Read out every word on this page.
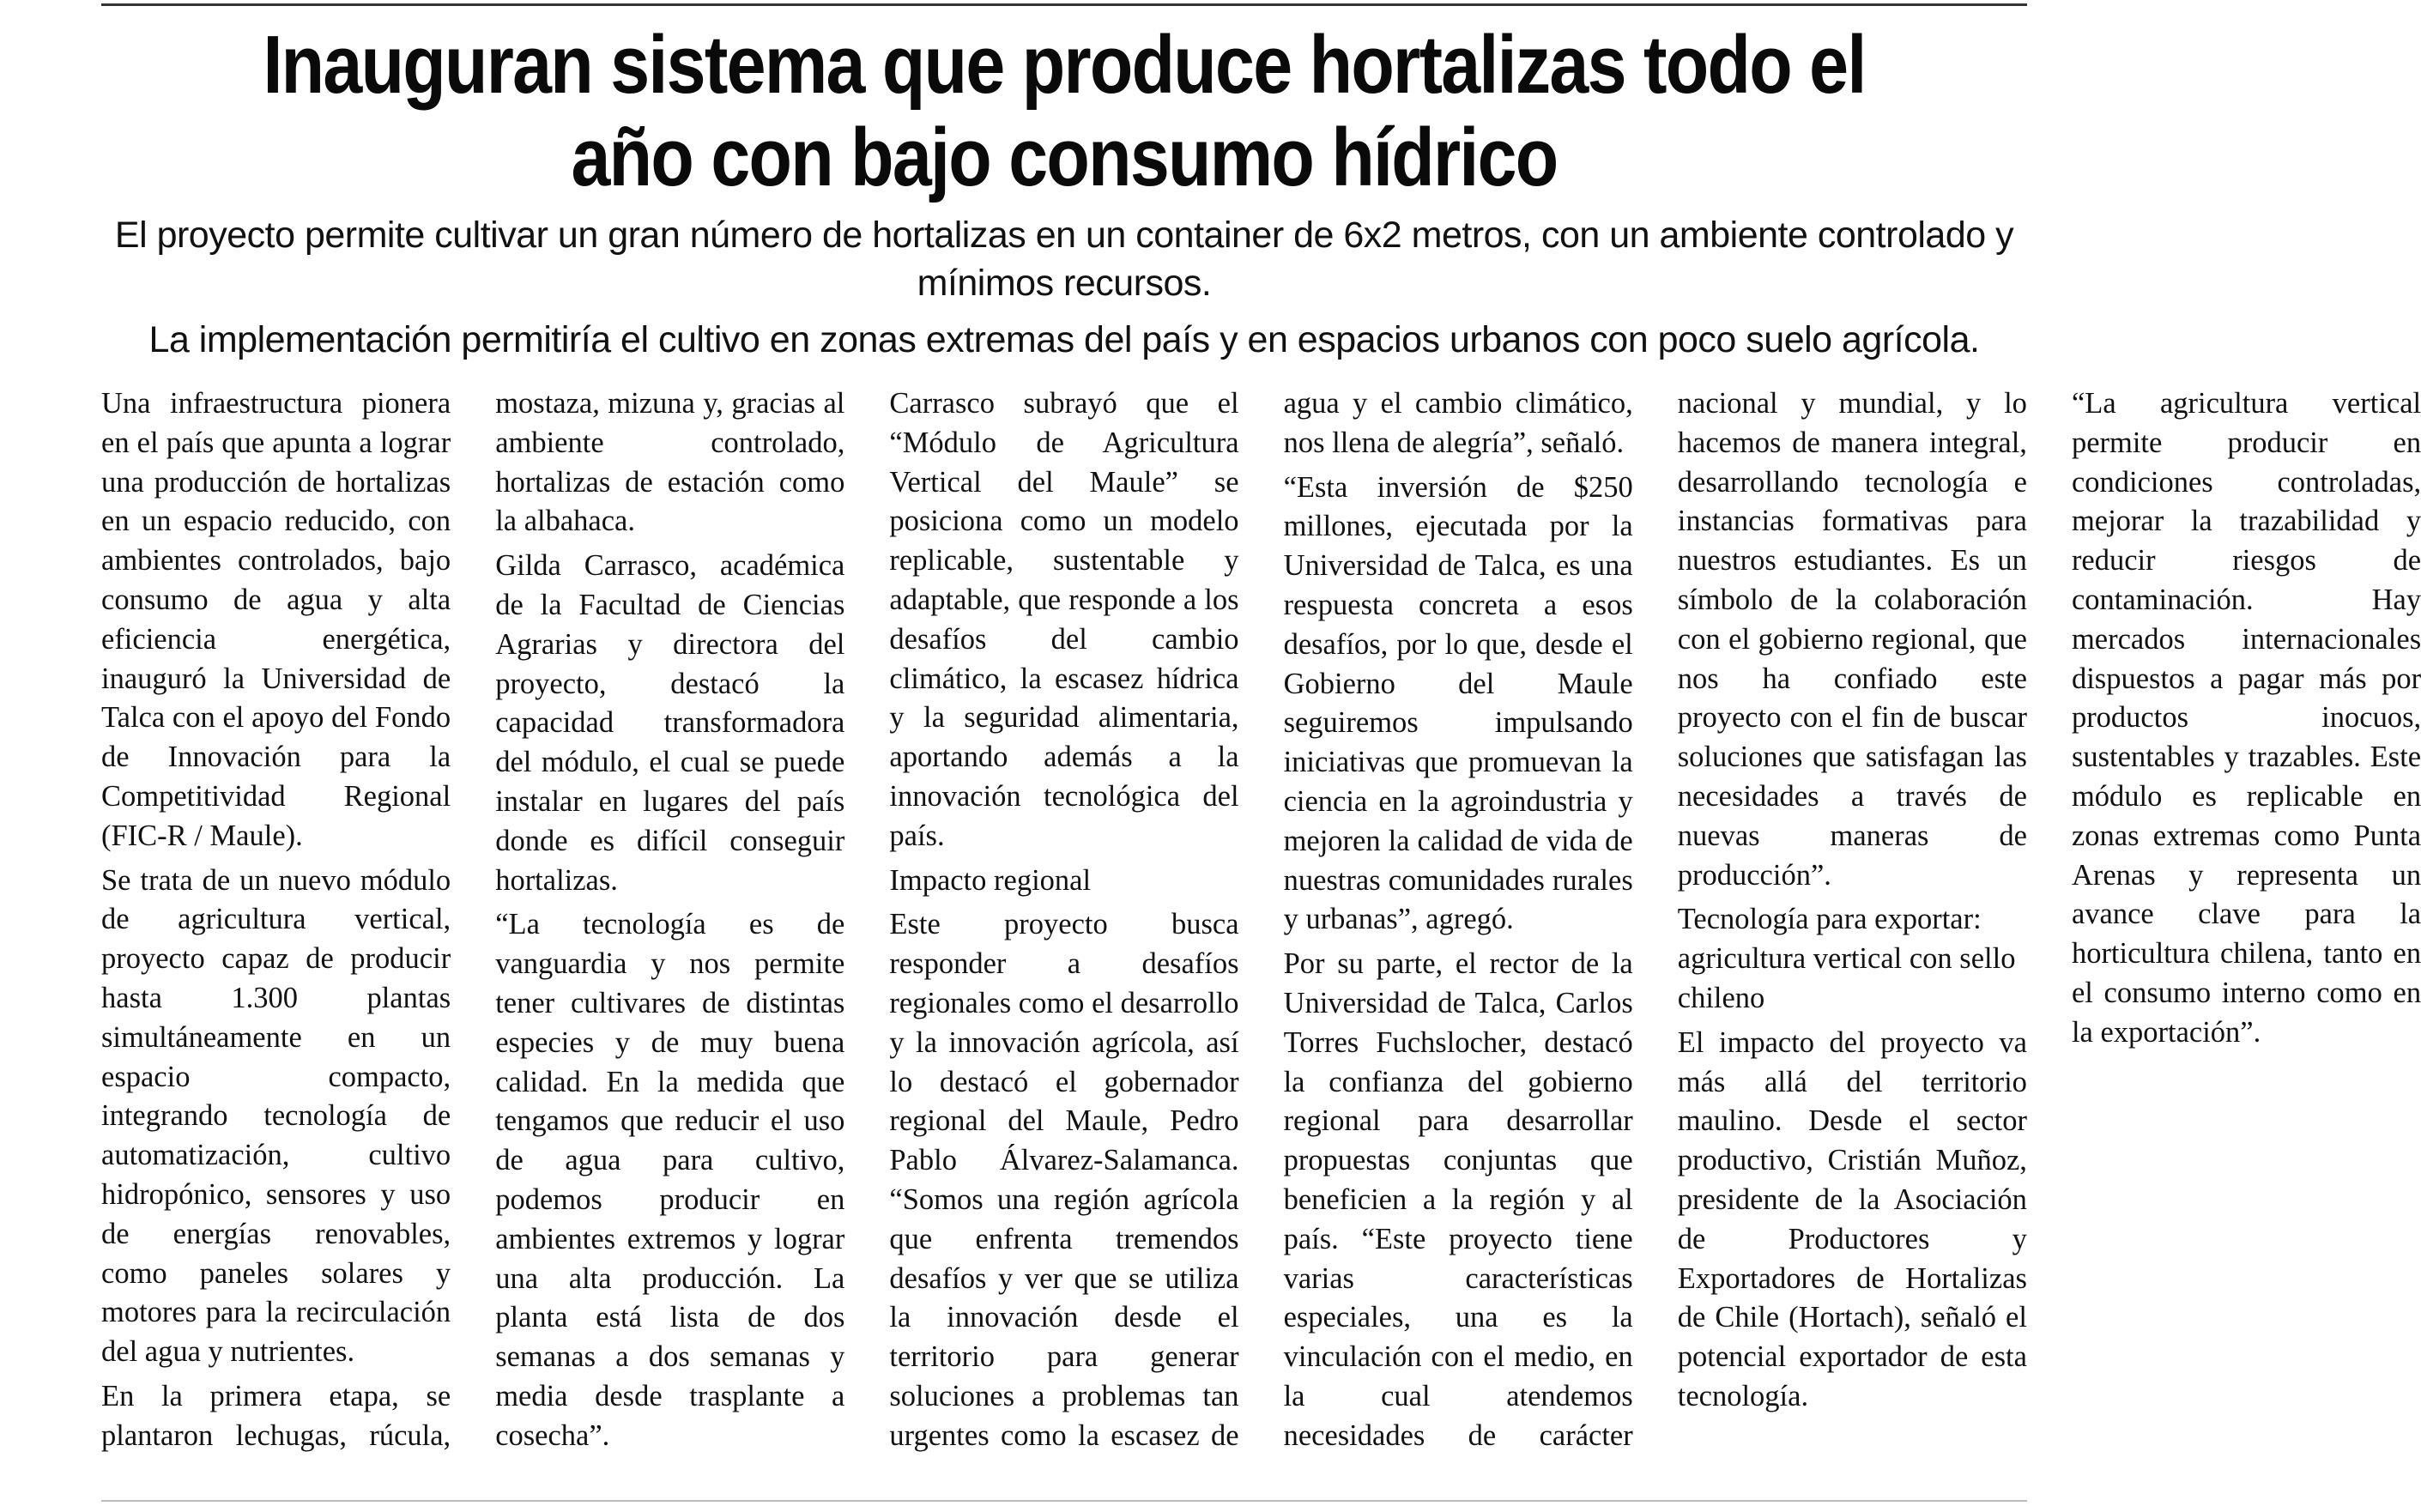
Inauguran sistema que produce hortalizas todo el año con bajo consumo hídrico

El proyecto permite cultivar un gran número de hortalizas en un container de 6x2 metros, con un ambiente controlado y mínimos recursos.

La implementación permitiría el cultivo en zonas extremas del país y en espacios urbanos con poco suelo agrícola.

Una infraestructura pionera en el país que apunta a lograr una producción de hortalizas en un espacio reducido, con ambientes controlados, bajo consumo de agua y alta eficiencia energética, inauguró la Universidad de Talca con el apoyo del Fondo de Innovación para la Competitividad Regional (FIC-R / Maule).

Se trata de un nuevo módulo de agricultura vertical, proyecto capaz de producir hasta 1.300 plantas simultáneamente en un espacio compacto, integrando tecnología de automatización, cultivo hidropónico, sensores y uso de energías renovables, como paneles solares y motores para la recirculación del agua y nutrientes.

En la primera etapa, se plantaron lechugas, rúcula, mostaza, mizuna y, gracias al ambiente controlado, hortalizas de estación como la albahaca.

Gilda Carrasco, académica de la Facultad de Ciencias Agrarias y directora del proyecto, destacó la capacidad transformadora del módulo, el cual se puede instalar en lugares del país donde es difícil conseguir hortalizas.

“La tecnología es de vanguardia y nos permite tener cultivares de distintas especies y de muy buena calidad. En la medida que tengamos que reducir el uso de agua para cultivo, podemos producir en ambientes extremos y lograr una alta producción. La planta está lista de dos semanas a dos semanas y media desde trasplante a cosecha”.

Carrasco subrayó que el “Módulo de Agricultura Vertical del Maule” se posiciona como un modelo replicable, sustentable y adaptable, que responde a los desafíos del cambio climático, la escasez hídrica y la seguridad alimentaria, aportando además a la innovación tecnológica del país.

Impacto regional

Este proyecto busca responder a desafíos regionales como el desarrollo y la innovación agrícola, así lo destacó el gobernador regional del Maule, Pedro Pablo Álvarez-Salamanca. “Somos una región agrícola que enfrenta tremendos desafíos y ver que se utiliza la innovación desde el territorio para generar soluciones a problemas tan urgentes como la escasez de agua y el cambio climático, nos llena de alegría”, señaló.

“Esta inversión de $250 millones, ejecutada por la Universidad de Talca, es una respuesta concreta a esos desafíos, por lo que, desde el Gobierno del Maule seguiremos impulsando iniciativas que promuevan la ciencia en la agroindustria y mejoren la calidad de vida de nuestras comunidades rurales y urbanas”, agregó.

Por su parte, el rector de la Universidad de Talca, Carlos Torres Fuchslocher, destacó la confianza del gobierno regional para desarrollar propuestas conjuntas que beneficien a la región y al país. “Este proyecto tiene varias características especiales, una es la vinculación con el medio, en la cual atendemos necesidades de carácter nacional y mundial, y lo hacemos de manera integral, desarrollando tecnología e instancias formativas para nuestros estudiantes. Es un símbolo de la colaboración con el gobierno regional, que nos ha confiado este proyecto con el fin de buscar soluciones que satisfagan las necesidades a través de nuevas maneras de producción”.

Tecnología para exportar: agricultura vertical con sello chileno

El impacto del proyecto va más allá del territorio maulino. Desde el sector productivo, Cristián Muñoz, presidente de la Asociación de Productores y Exportadores de Hortalizas de Chile (Hortach), señaló el potencial exportador de esta tecnología.

“La agricultura vertical permite producir en condiciones controladas, mejorar la trazabilidad y reducir riesgos de contaminación. Hay mercados internacionales dispuestos a pagar más por productos inocuos, sustentables y trazables. Este módulo es replicable en zonas extremas como Punta Arenas y representa un avance clave para la horticultura chilena, tanto en el consumo interno como en la exportación”.
